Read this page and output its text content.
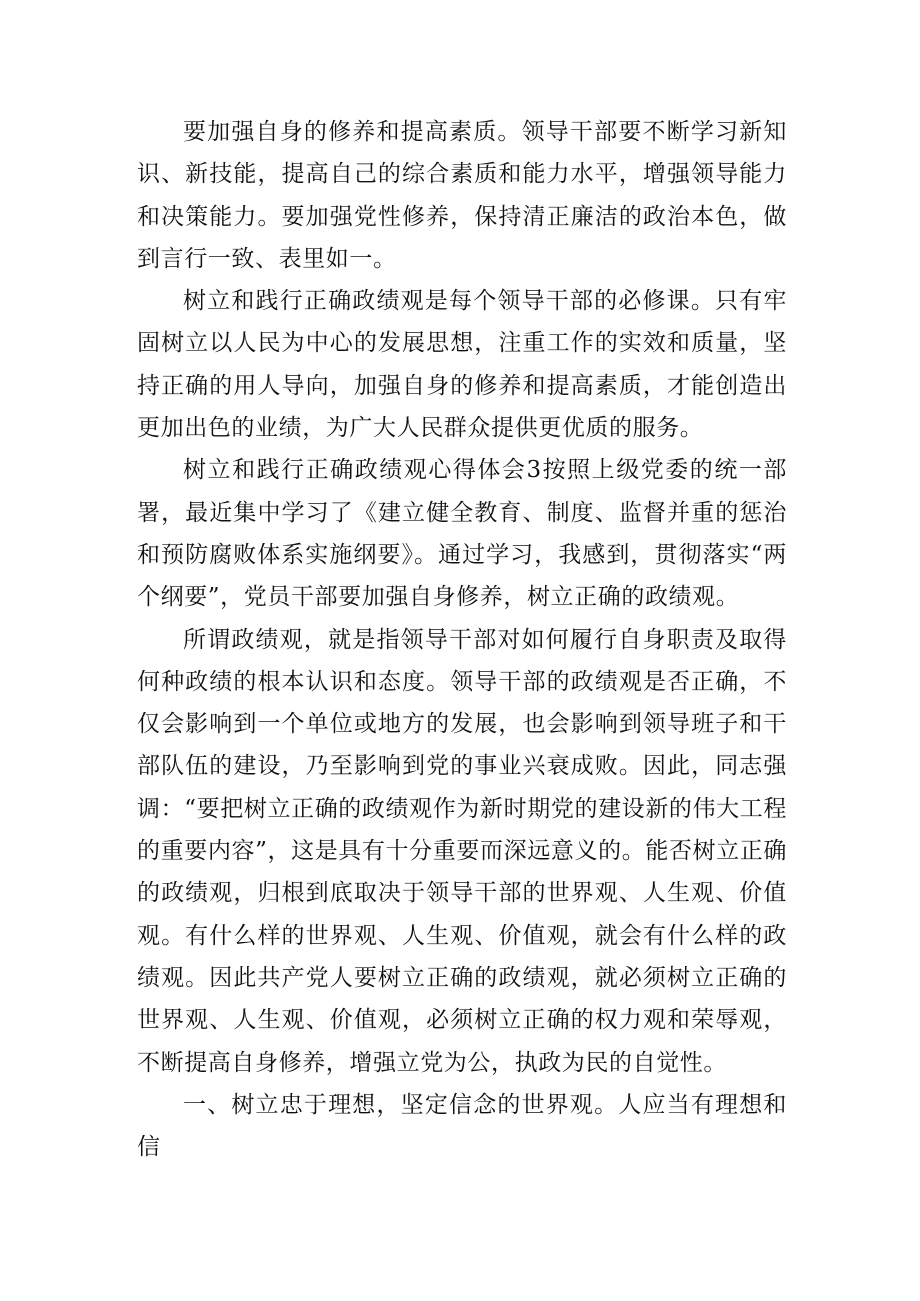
要加强自身的修养和提高素质。领导干部要不断学习新知识、新技能，提高自己的综合素质和能力水平，增强领导能力和决策能力。要加强党性修养，保持清正廉洁的政治本色，做到言行一致、表里如一。

树立和践行正确政绩观是每个领导干部的必修课。只有牢固树立以人民为中心的发展思想，注重工作的实效和质量，坚持正确的用人导向，加强自身的修养和提高素质，才能创造出更加出色的业绩，为广大人民群众提供更优质的服务。

树立和践行正确政绩观心得体会3按照上级党委的统一部署，最近集中学习了《建立健全教育、制度、监督并重的惩治和预防腐败体系实施纲要》。通过学习，我感到，贯彻落实“两个纲要”，党员干部要加强自身修养，树立正确的政绩观。

所谓政绩观，就是指领导干部对如何履行自身职责及取得何种政绩的根本认识和态度。领导干部的政绩观是否正确，不仅会影响到一个单位或地方的发展，也会影响到领导班子和干部队伍的建设，乃至影响到党的事业兴衰成败。因此，同志强调：“要把树立正确的政绩观作为新时期党的建设新的伟大工程的重要内容”，这是具有十分重要而深远意义的。能否树立正确的政绩观，归根到底取决于领导干部的世界观、人生观、价值观。有什么样的世界观、人生观、价值观，就会有什么样的政绩观。因此共产党人要树立正确的政绩观，就必须树立正确的世界观、人生观、价值观，必须树立正确的权力观和荣辱观，不断提高自身修养，增强立党为公，执政为民的自觉性。

一、树立忠于理想，坚定信念的世界观。人应当有理想和信
